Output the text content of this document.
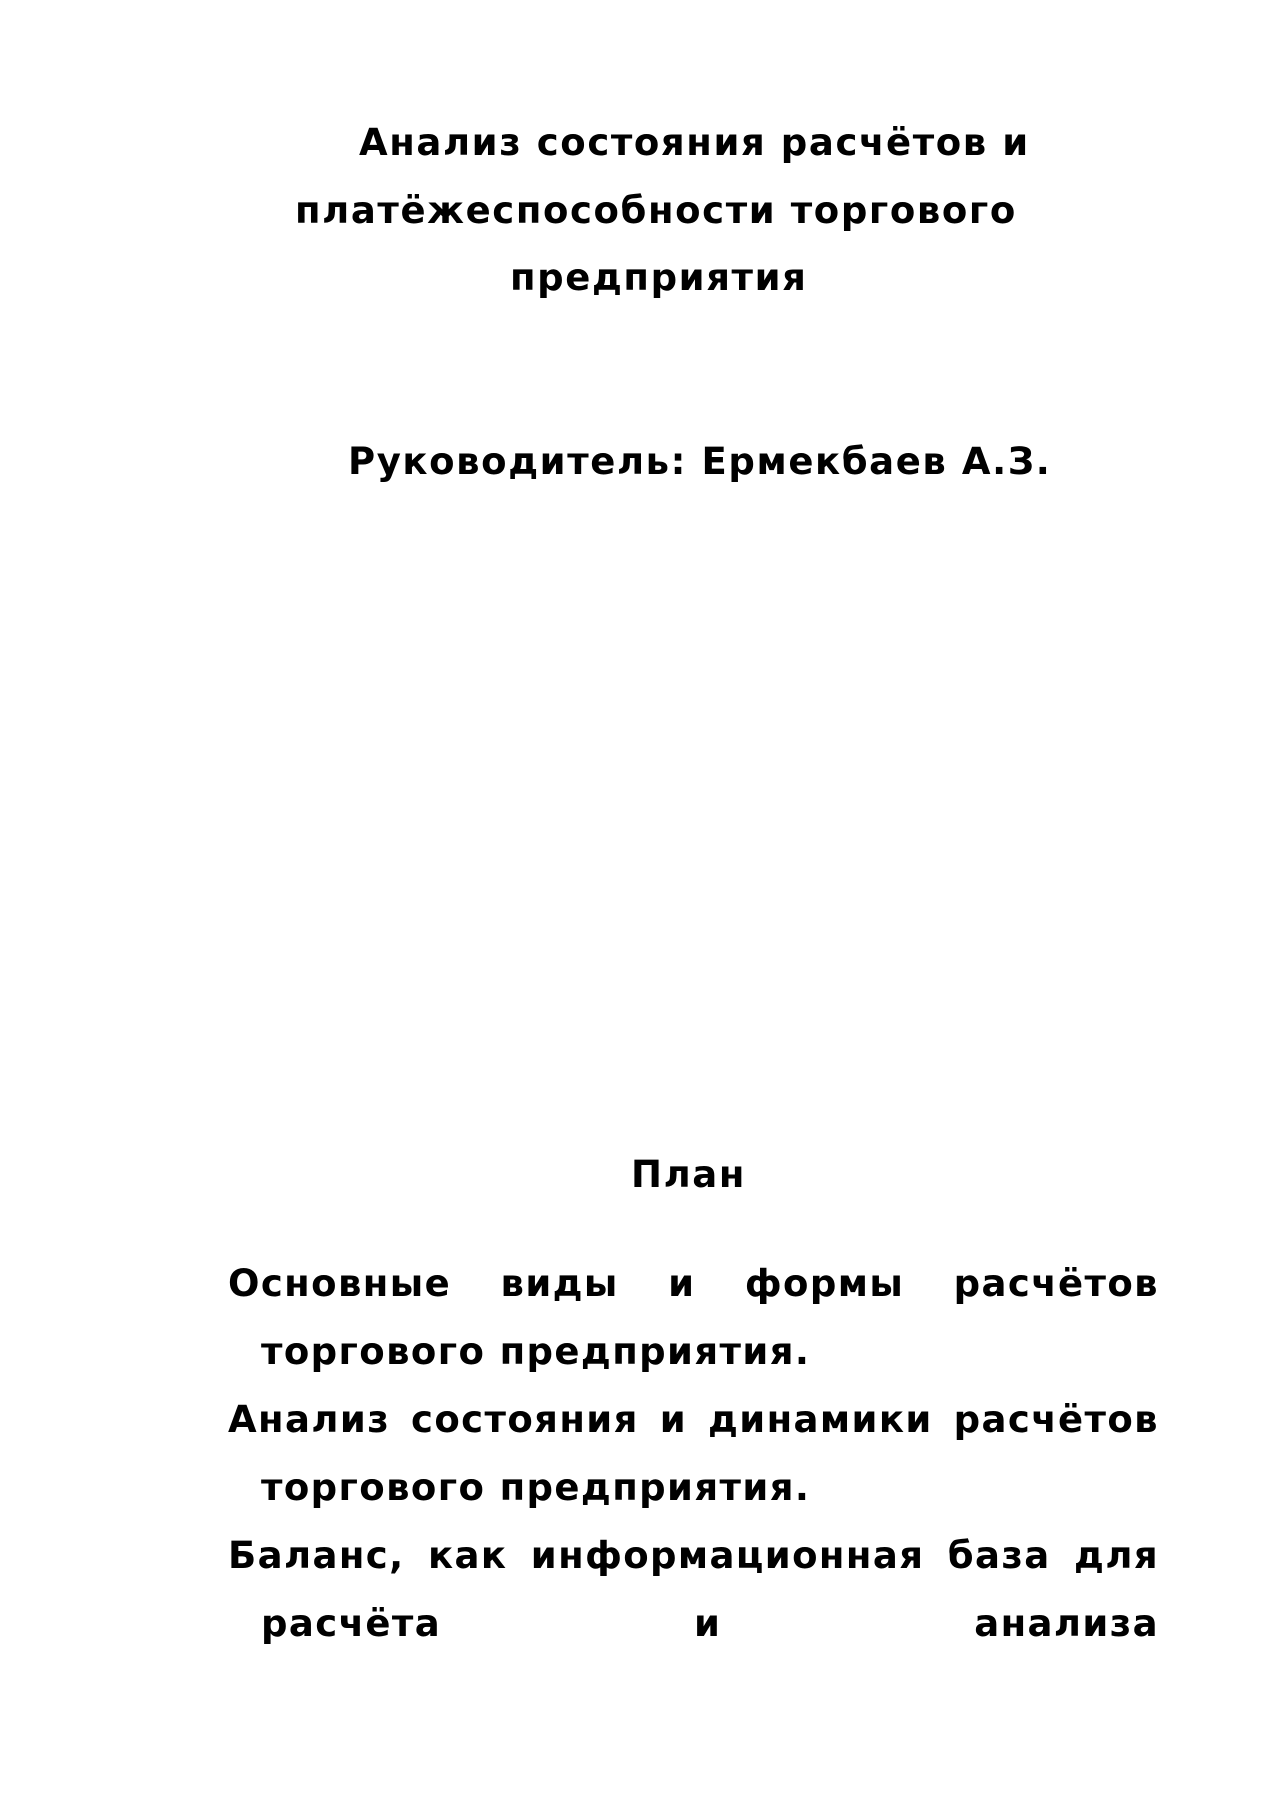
Анализ состояния расчётов и
платёжеспособности торгового
предприятия
Руководитель: Ермекбаев А.З.
План
Основные виды и формы расчётов торгового предприятия.
Анализ состояния и динамики расчётов торгового предприятия.
Баланс, как информационная база для расчёта и анализа
